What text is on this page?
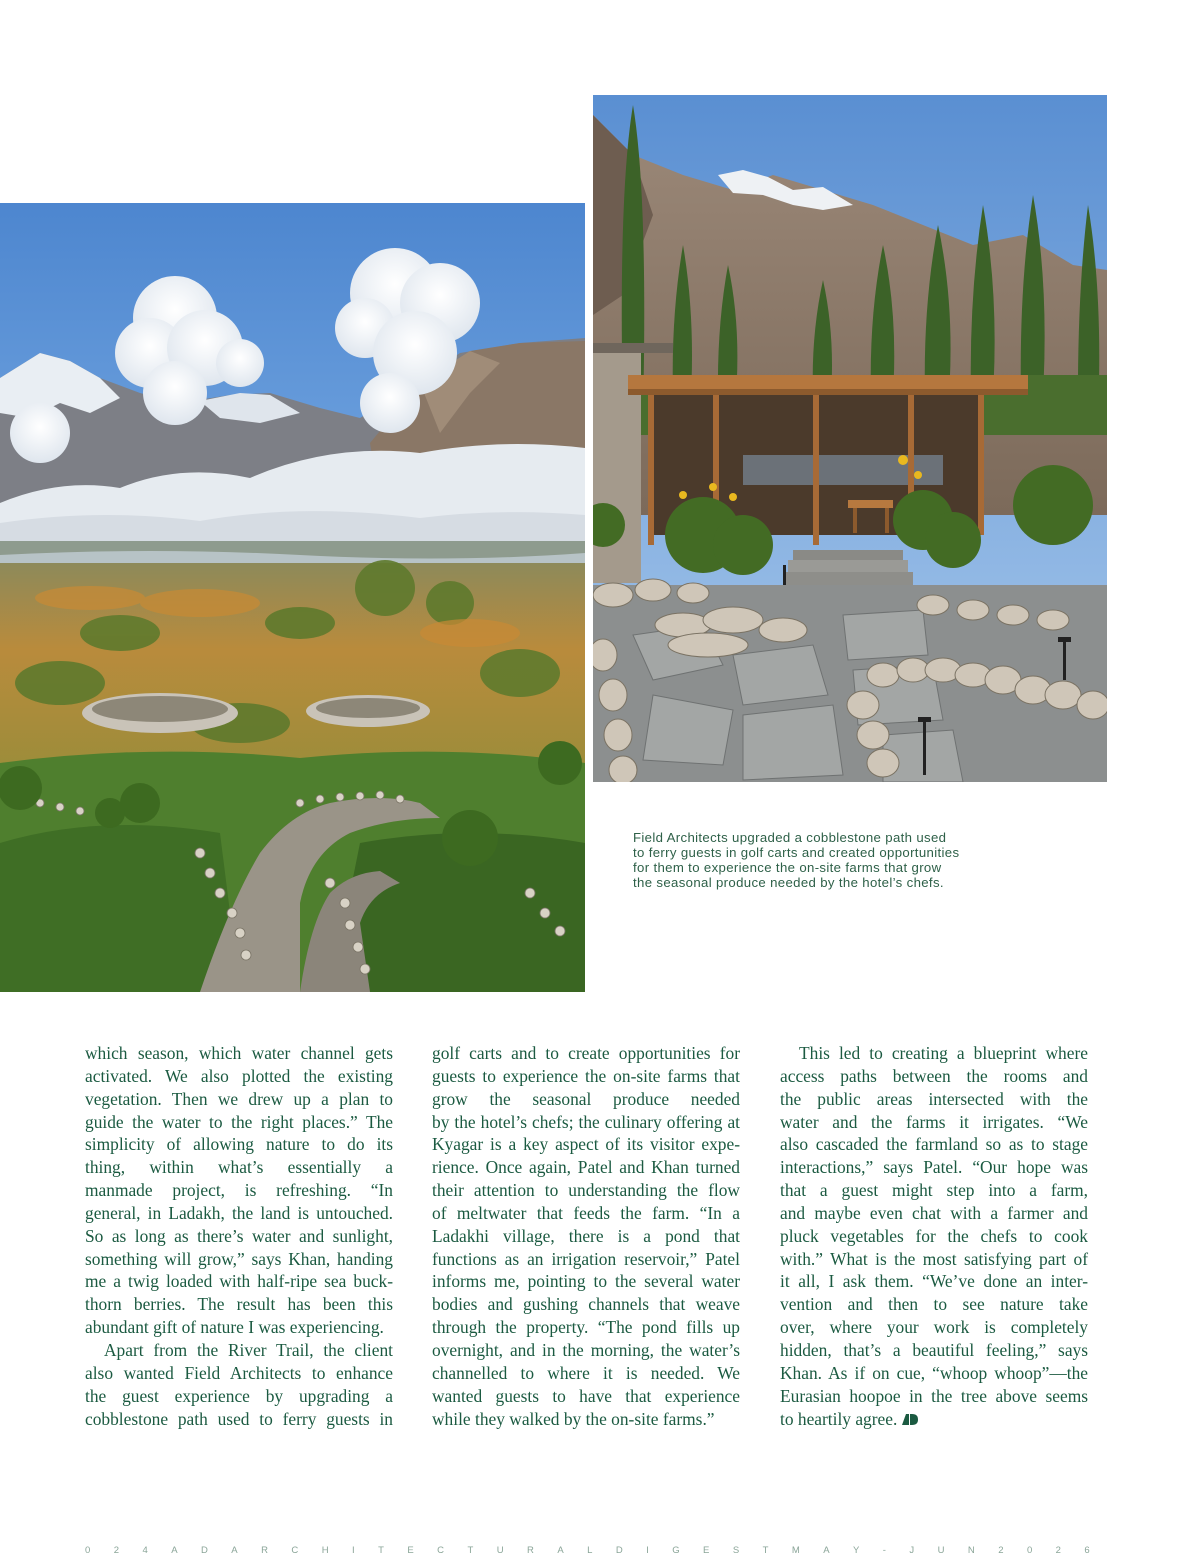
Field Architects upgraded a cobblestone path used
to ferry guests in golf carts and created opportunities
for them to experience the on-site farms that grow
the seasonal produce needed by the hotel’s chefs.
which season, which water channel gets
activated. We also plotted the existing
vegetation. Then we drew up a plan to
guide the water to the right places.” The
simplicity of allowing nature to do its
thing, within what’s essentially a
manmade project, is refreshing. “In
general, in Ladakh, the land is untouched.
So as long as there’s water and sunlight,
something will grow,” says Khan, handing
me a twig loaded with half-ripe sea buck-
thorn berries. The result has been this
abundant gift of nature I was experiencing.
Apart from the River Trail, the client
also wanted Field Architects to enhance
the guest experience by upgrading a
cobblestone path used to ferry guests in
golf carts and to create opportunities for
guests to experience the on-site farms that
grow the seasonal produce needed
by the hotel’s chefs; the culinary offering at
Kyagar is a key aspect of its visitor expe-
rience. Once again, Patel and Khan turned
their attention to understanding the flow
of meltwater that feeds the farm. “In a
Ladakhi village, there is a pond that
functions as an irrigation reservoir,” Patel
informs me, pointing to the several water
bodies and gushing channels that weave
through the property. “The pond fills up
overnight, and in the morning, the water’s
channelled to where it is needed. We
wanted guests to have that experience
while they walked by the on-site farms.”
This led to creating a blueprint where
access paths between the rooms and
the public areas intersected with the
water and the farms it irrigates. “We
also cascaded the farmland so as to stage
interactions,” says Patel. “Our hope was
that a guest might step into a farm,
and maybe even chat with a farmer and
pluck vegetables for the chefs to cook
with.” What is the most satisfying part of
it all, I ask them. “We’ve done an inter-
vention and then to see nature take
over, where your work is completely
hidden, that’s a beautiful feeling,” says
Khan. As if on cue, “whoop whoop”—the
Eurasian hoopoe in the tree above seems
to heartily agree.
0 2 4 A D A R C H I T E C T U R A L D I G E S T M A Y - J U N 2 0 2 6
